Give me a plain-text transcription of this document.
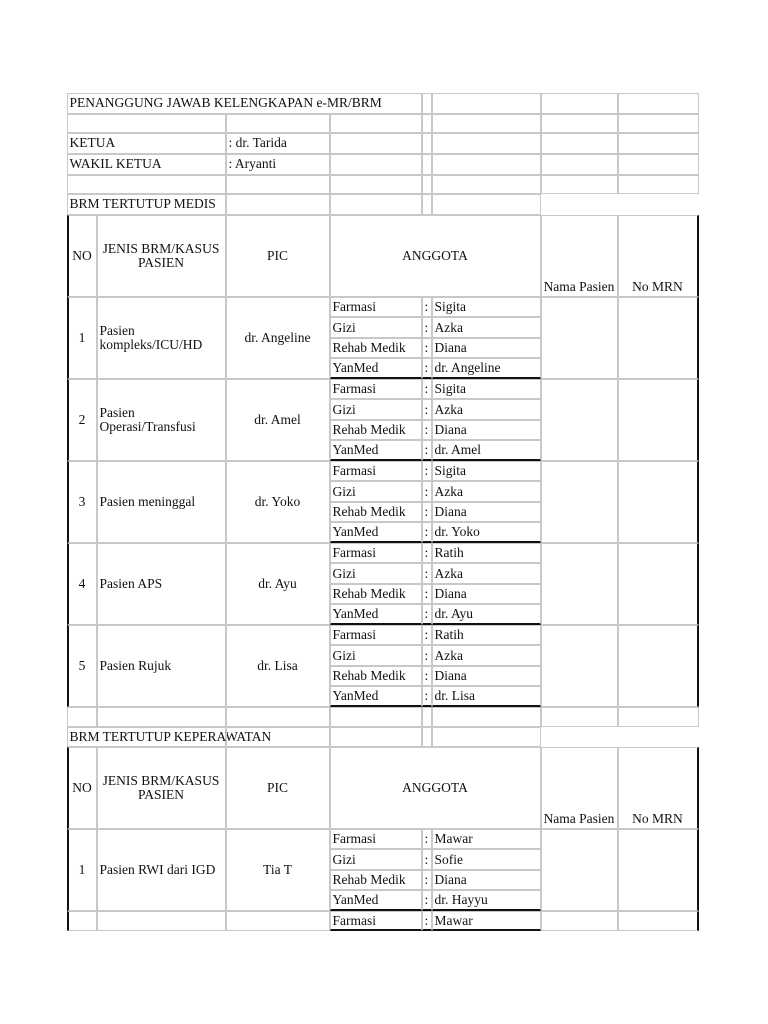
PENANGGUNG JAWAB KELENGKAPAN e-MR/BRM
KETUA	: dr. Tarida
WAKIL KETUA	: Aryanti
BRM TERTUTUP MEDIS
NO JENIS BRM/KASUS PASIEN	PIC	ANGGOTA
Nama Pasien	No MRN
1	Pasien kompleks/ICU/HD	dr. Angeline
Farmasi	: Sigita
Gizi	: Azka
Rehab Medik	: Diana
YanMed	: dr. Angeline
2	Pasien Operasi/Transfusi	dr. Amel
Farmasi	: Sigita
Gizi	: Azka
Rehab Medik	: Diana
YanMed	: dr. Amel
3	Pasien meninggal	dr. Yoko
Farmasi	: Sigita
Gizi	: Azka
Rehab Medik	: Diana
YanMed	: dr. Yoko
4	Pasien APS	dr. Ayu
Farmasi	: Ratih
Gizi	: Azka
Rehab Medik	: Diana
YanMed	: dr. Ayu
5	Pasien Rujuk	dr. Lisa
Farmasi	: Ratih
Gizi	: Azka
Rehab Medik	: Diana
YanMed	: dr. Lisa
BRM TERTUTUP KEPERAWATAN
NO JENIS BRM/KASUS PASIEN	PIC	ANGGOTA
Nama Pasien	No MRN
1	Pasien RWI dari IGD	Tia T
Farmasi	: Mawar
Gizi	: Sofie
Rehab Medik	: Diana
YanMed	: dr. Hayyu
Farmasi	: Mawar
